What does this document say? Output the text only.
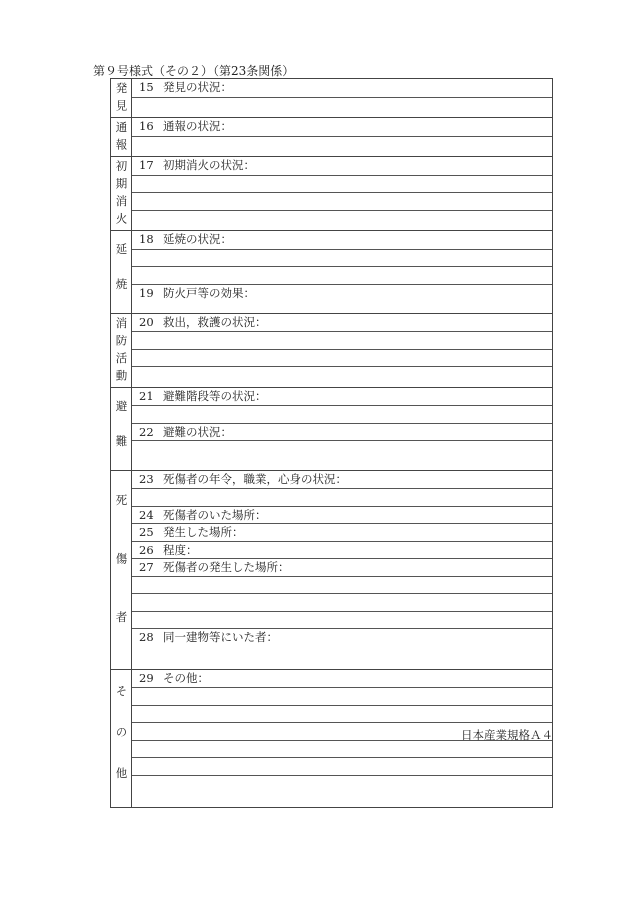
第９号様式（その２）（第23条関係）
発見 15 発見の状況：
通報 16 通報の状況：
初期消火 17 初期消火の状況：
延焼
18 延焼の状況：
19 防火戸等の効果：
消防活動 20 救出，救護の状況：
避難
21 避難階段等の状況：
22 避難の状況：
死傷者
23 死傷者の年令，職業，心身の状況：
24 死傷者のいた場所：
25 発生した場所：
26 程度：
27 死傷者の発生した場所：
28 同一建物等にいた者：
その他
29 その他：
日本産業規格Ａ４
